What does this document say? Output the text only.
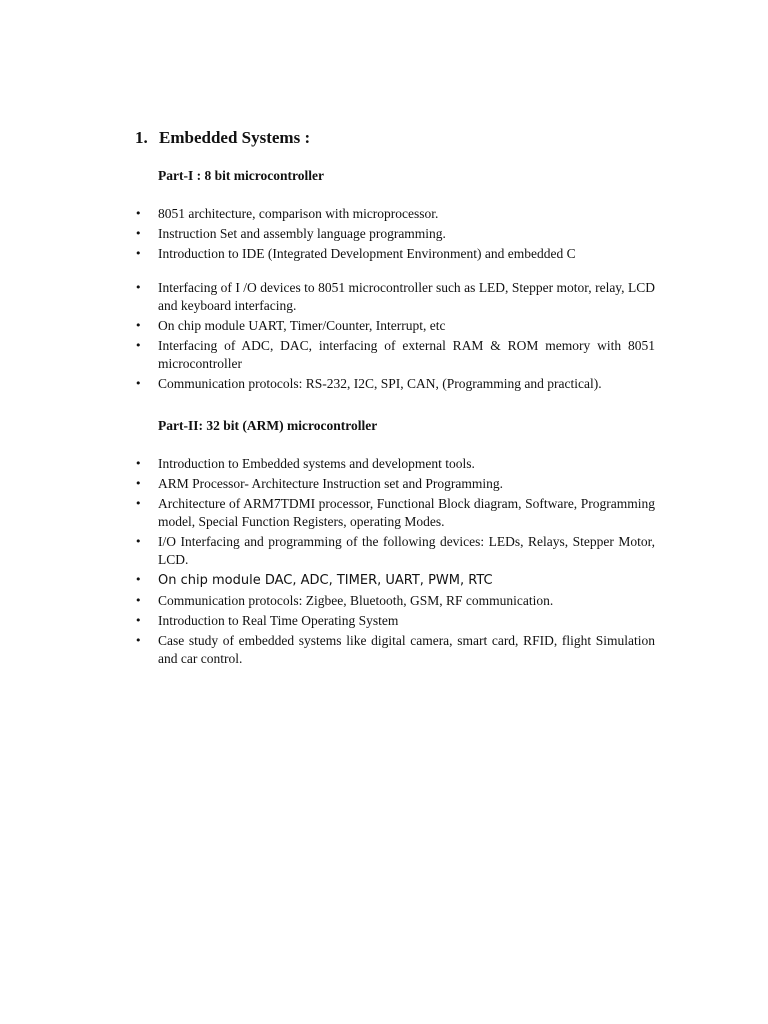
1. Embedded Systems :
Part-I : 8 bit microcontroller
• 8051 architecture, comparison with microprocessor.
• Instruction Set and assembly language programming.
• Introduction to IDE (Integrated Development Environment) and embedded C
• Interfacing of I /O devices to 8051 microcontroller such as LED, Stepper motor, relay, LCD and keyboard interfacing.
• On chip module UART, Timer/Counter, Interrupt, etc
• Interfacing of ADC, DAC, interfacing of external RAM & ROM memory with 8051 microcontroller
• Communication protocols: RS-232, I2C, SPI, CAN, (Programming and practical).
Part-II: 32 bit (ARM) microcontroller
• Introduction to Embedded systems and development tools.
• ARM Processor- Architecture Instruction set and Programming.
• Architecture of ARM7TDMI processor, Functional Block diagram, Software, Programming model, Special Function Registers, operating Modes.
• I/O Interfacing and programming of the following devices: LEDs, Relays, Stepper Motor, LCD.
• On chip module DAC, ADC, TIMER, UART, PWM, RTC
• Communication protocols: Zigbee, Bluetooth, GSM, RF communication.
• Introduction to Real Time Operating System
• Case study of embedded systems like digital camera, smart card, RFID, flight Simulation and car control.
